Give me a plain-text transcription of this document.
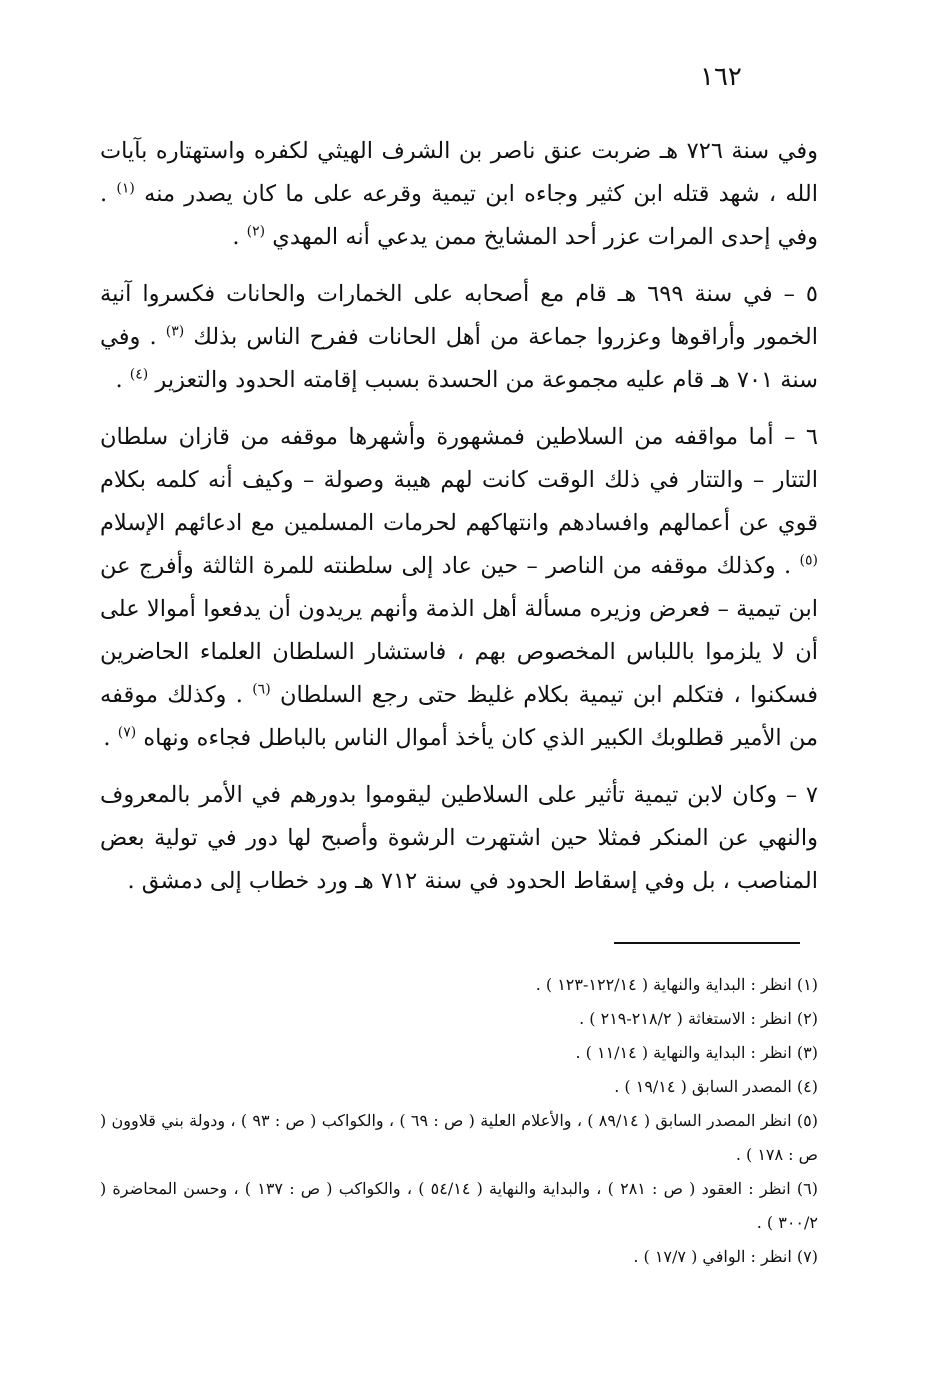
١٦٢

وفي سنة ٧٢٦ هـ ضربت عنق ناصر بن الشرف الهيثي لكفره واستهتاره بآيات الله ، شهد قتله ابن كثير وجاءه ابن تيمية وقرعه على ما كان يصدر منه $^{(١)}$ . وفي إحدى المرات عزر أحد المشايخ ممن يدعي أنه المهدي $^{(٢)}$ .

٥ – في سنة ٦٩٩ هـ قام مع أصحابه على الخمارات والحانات فكسروا آنية الخمور وأراقوها وعزروا جماعة من أهل الحانات ففرح الناس بذلك $^{(٣)}$ . وفي سنة ٧٠١ هـ قام عليه مجموعة من الحسدة بسبب إقامته الحدود والتعزير $^{(٤)}$ .

٦ – أما مواقفه من السلاطين فمشهورة وأشهرها موقفه من قازان سلطان التتار – والتتار في ذلك الوقت كانت لهم هيبة وصولة – وكيف أنه كلمه بكلام قوي عن أعمالهم وافسادهم وانتهاكهم لحرمات المسلمين مع ادعائهم الإسلام $^{(٥)}$ . وكذلك موقفه من الناصر – حين عاد إلى سلطنته للمرة الثالثة وأفرج عن ابن تيمية – فعرض وزيره مسألة أهل الذمة وأنهم يريدون أن يدفعوا أموالا على أن لا يلزموا باللباس المخصوص بهم ، فاستشار السلطان العلماء الحاضرين فسكنوا ، فتكلم ابن تيمية بكلام غليظ حتى رجع السلطان $^{(٦)}$ . وكذلك موقفه من الأمير قطلوبك الكبير الذي كان يأخذ أموال الناس بالباطل فجاءه ونهاه $^{(٧)}$ .

٧ – وكان لابن تيمية تأثير على السلاطين ليقوموا بدورهم في الأمر بالمعروف والنهي عن المنكر فمثلا حين اشتهرت الرشوة وأصبح لها دور في تولية بعض المناصب ، بل وفي إسقاط الحدود في سنة ٧١٢ هـ ورد خطاب إلى دمشق .

(١) انظر : البداية والنهاية ( ١٢٢/١٤-١٢٣ ) .

(٢) انظر : الاستغاثة ( ٢١٨/٢-٢١٩ ) .

(٣) انظر : البداية والنهاية ( ١١/١٤ ) .

(٤) المصدر السابق ( ١٩/١٤ ) .

(٥) انظر المصدر السابق ( ٨٩/١٤ ) ، والأعلام العلية ( ص : ٦٩ ) ، والكواكب ( ص : ٩٣ ) ، ودولة بني قلاوون ( ص : ١٧٨ ) .

(٦) انظر : العقود ( ص : ٢٨١ ) ، والبداية والنهاية ( ٥٤/١٤ ) ، والكواكب ( ص : ١٣٧ ) ، وحسن المحاضرة ( ٣٠٠/٢ ) .

(٧) انظر : الوافي ( ١٧/٧ ) .
